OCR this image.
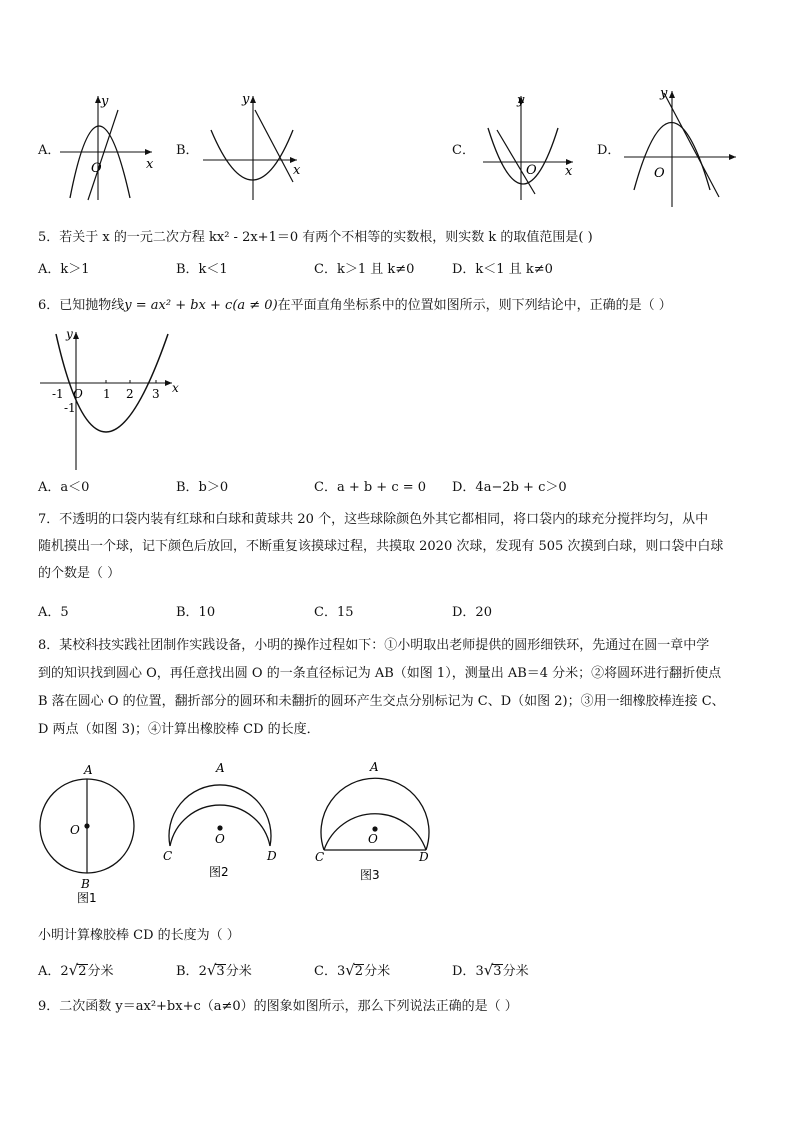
A．
y
x
O
B．
y
x
C．
y
x
O
D．
y
O
5．若关于 x 的一元二次方程 kx² - 2x+1＝0 有两个不相等的实数根，则实数 k 的取值范围是( )
A．k＞1	B．k＜1	C．k＞1 且 k≠0	D．k＜1 且 k≠0
6．已知抛物线y = ax² + bx + c(a ≠ 0)在平面直角坐标系中的位置如图所示，则下列结论中，正确的是（ ）
-1 O 1 2 3
-1
x
y
A．a＜0	B．b＞0	C．a + b + c = 0 D．4a−2b + c＞0
7．不透明的口袋内装有红球和白球和黄球共 20 个，这些球除颜色外其它都相同，将口袋内的球充分搅拌均匀，从中
随机摸出一个球，记下颜色后放回，不断重复该摸球过程，共摸取 2020 次球，发现有 505 次摸到白球，则口袋中白球
的个数是（ ）
A．5	B．10	C．15	D．20
8．某校科技实践社团制作实践设备，小明的操作过程如下：①小明取出老师提供的圆形细铁环，先通过在圆一章中学
到的知识找到圆心 O，再任意找出圆 O 的一条直径标记为 AB（如图 1），测量出 AB＝4 分米；②将圆环进行翻折使点
B 落在圆心 O 的位置，翻折部分的圆环和未翻折的圆环产生交点分别标记为 C、D（如图 2)；③用一细橡胶棒连接 C、
D 两点（如图 3)；④计算出橡胶棒 CD 的长度．
A
O
B
图1
A
O
C	D
图2
A
O
C	D
图3
小明计算橡胶棒 CD 的长度为（ ）
A．2√2分米	B．2√3分米	C．3√2分米	D．3√3分米
9．二次函数 y＝ax²+bx+c（a≠0）的图象如图所示，那么下列说法正确的是（ ）
